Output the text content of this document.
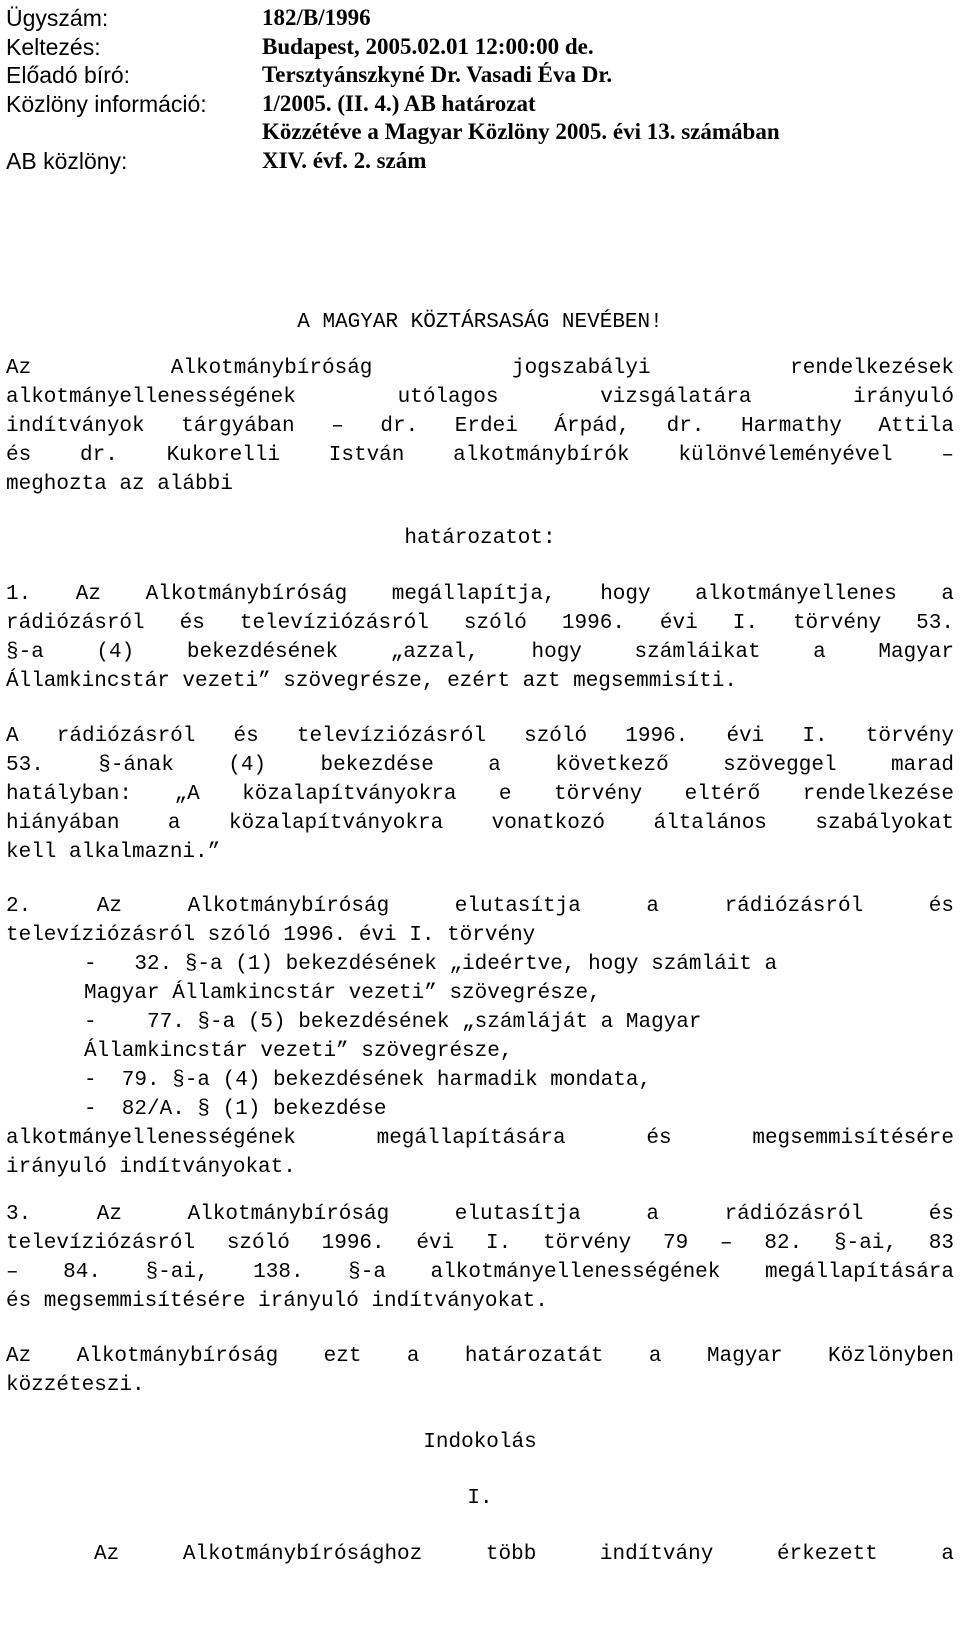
Ügyszám:	182/B/1996
Keltezés:	Budapest, 2005.02.01 12:00:00 de.
Előadó bíró:	Tersztyánszkyné Dr. Vasadi Éva Dr.
Közlöny információ: 1/2005. (II. 4.) AB határozat
Közzétéve a Magyar Közlöny 2005. évi 13. számában
AB közlöny:	XIV. évf. 2. szám
A MAGYAR KÖZTÁRSASÁG NEVÉBEN!
Az Alkotmánybíróság jogszabályi rendelkezések
alkotmányellenességének utólagos vizsgálatára irányuló
indítványok tárgyában – dr. Erdei Árpád, dr. Harmathy Attila
és dr. Kukorelli István alkotmánybírók különvéleményével –
meghozta az alábbi
határozatot:
1. Az Alkotmánybíróság megállapítja, hogy alkotmányellenes a
rádiózásról és televíziózásról szóló 1996. évi I. törvény 53.
§-a (4) bekezdésének „azzal, hogy számláikat a Magyar
Államkincstár vezeti” szövegrésze, ezért azt megsemmisíti.
A rádiózásról és televíziózásról szóló 1996. évi I. törvény
53. §-ának (4) bekezdése a következő szöveggel marad
hatályban: „A közalapítványokra e törvény eltérő rendelkezése
hiányában a közalapítványokra vonatkozó általános szabályokat
kell alkalmazni.”
2. Az Alkotmánybíróság elutasítja a rádiózásról és
televíziózásról szóló 1996. évi I. törvény
-   32. §-a (1) bekezdésének „ideértve, hogy számláit a
Magyar Államkincstár vezeti” szövegrésze,
-    77. §-a (5) bekezdésének „számláját a Magyar
Államkincstár vezeti” szövegrésze,
-  79. §-a (4) bekezdésének harmadik mondata,
-  82/A. § (1) bekezdése
alkotmányellenességének megállapítására és megsemmisítésére
irányuló indítványokat.
3. Az Alkotmánybíróság elutasítja a rádiózásról és
televíziózásról szóló 1996. évi I. törvény 79 – 82. §-ai, 83
– 84. §-ai, 138. §-a alkotmányellenességének megállapítására
és megsemmisítésére irányuló indítványokat.
Az Alkotmánybíróság ezt a határozatát a Magyar Közlönyben
közzéteszi.
Indokolás
I.
Az Alkotmánybírósághoz több indítvány érkezett a
